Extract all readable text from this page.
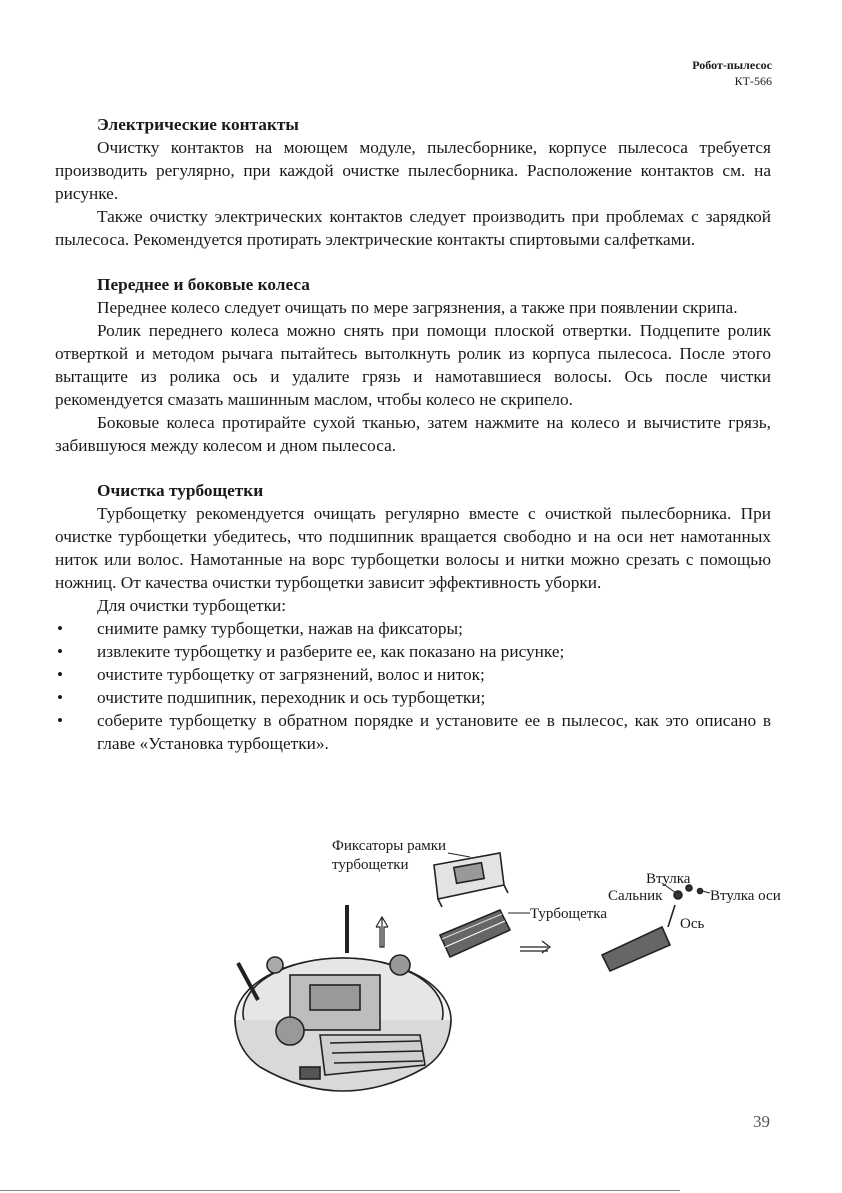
Робот-пылесос
КТ-566
Электрические контакты

Очистку контактов на моющем модуле, пылесборнике, корпусе пылесоса требуется производить регулярно, при каждой очистке пылесборника. Расположение контактов см. на рисунке.

Также очистку электрических контактов следует производить при проблемах с зарядкой пылесоса. Рекомендуется протирать электрические контакты спиртовыми салфетками.

Переднее и боковые колеса

Переднее колесо следует очищать по мере загрязнения, а также при появлении скрипа.

Ролик переднего колеса можно снять при помощи плоской отвертки. Подцепите ролик отверткой и методом рычага пытайтесь вытолкнуть ролик из корпуса пылесоса. После этого вытащите из ролика ось и удалите грязь и намотавшиеся волосы. Ось после чистки рекомендуется смазать машинным маслом, чтобы колесо не скрипело.

Боковые колеса протирайте сухой тканью, затем нажмите на колесо и вычистите грязь, забившуюся между колесом и дном пылесоса.

Очистка турбощетки

Турбощетку рекомендуется очищать регулярно вместе с очисткой пылесборника. При очистке турбощетки убедитесь, что подшипник вращается свободно и на оси нет намотанных ниток или волос. Намотанные на ворс турбощетки волосы и нитки можно срезать с помощью ножниц. От качества очистки турбощетки зависит эффективность уборки.

Для очистки турбощетки:

• снимите рамку турбощетки, нажав на фиксаторы;
• извлеките турбощетку и разберите ее, как показано на рисунке;
• очистите турбощетку от загрязнений, волос и ниток;
• очистите подшипник, переходник и ось турбощетки;
• соберите турбощетку в обратном порядке и установите ее в пылесос, как это описано в главе «Установка турбощетки».
Фиксаторы рамки
турбощетки
Турбощетка
Втулка
Сальник	Втулка оси
Ось
39
